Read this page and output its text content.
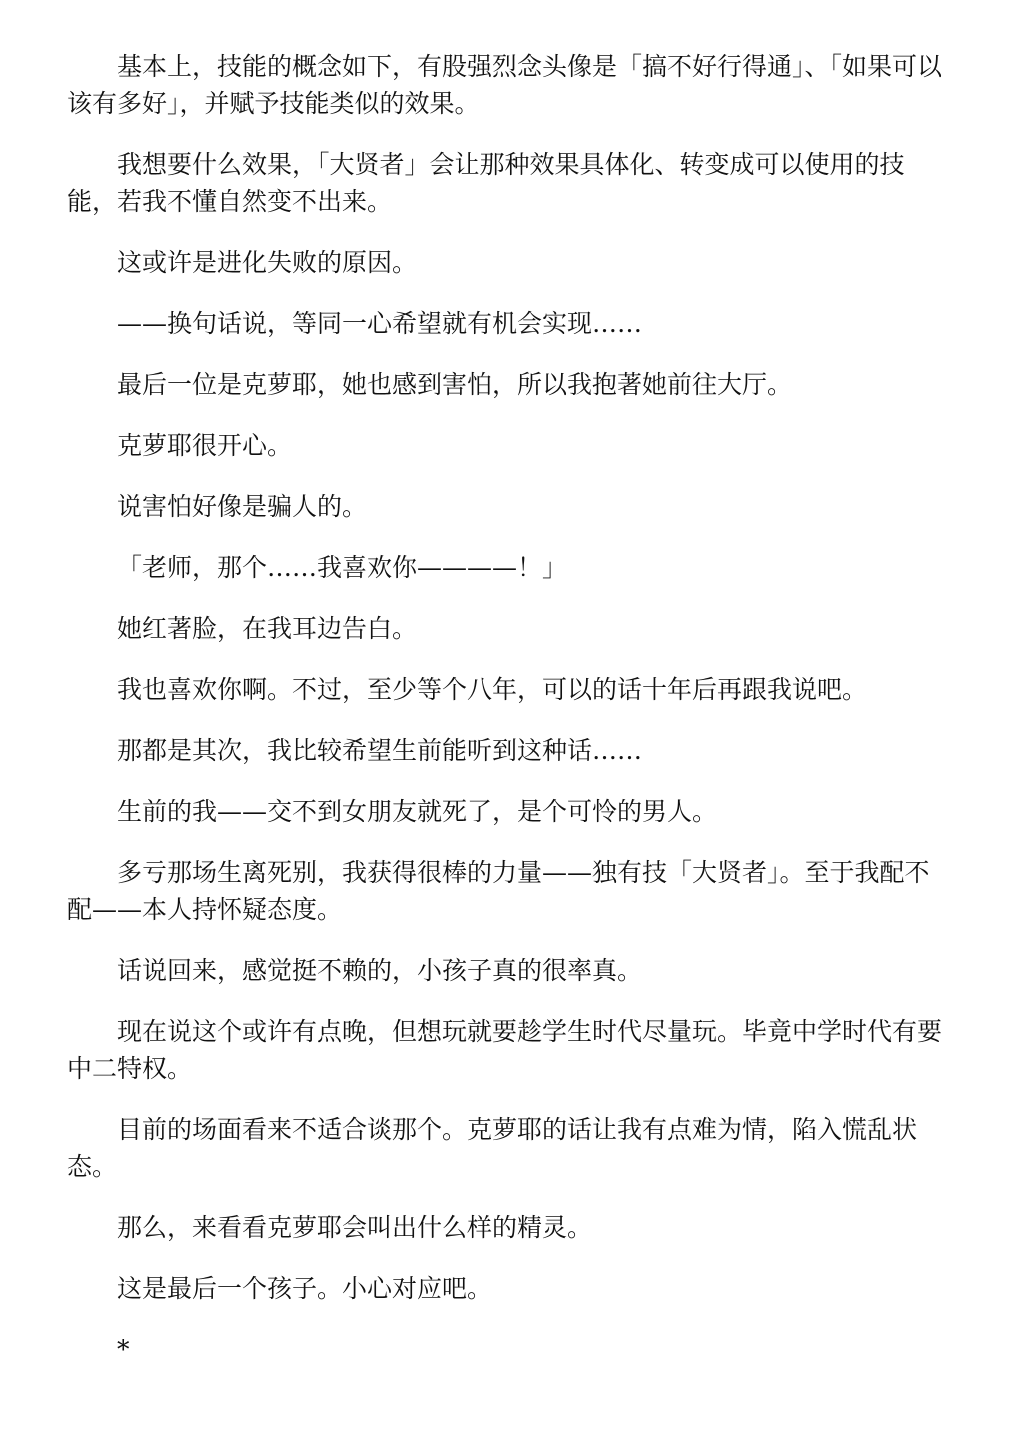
基本上，技能的概念如下，有股强烈念头像是「搞不好行得通」、「如果可以该有多好」，并赋予技能类似的效果。

我想要什么效果，「大贤者」会让那种效果具体化、转变成可以使用的技能，若我不懂自然变不出来。

这或许是进化失败的原因。

——换句话说，等同一心希望就有机会实现……

最后一位是克萝耶，她也感到害怕，所以我抱著她前往大厅。

克萝耶很开心。

说害怕好像是骗人的。

「老师，那个……我喜欢你————！」

她红著脸，在我耳边告白。

我也喜欢你啊。不过，至少等个八年，可以的话十年后再跟我说吧。

那都是其次，我比较希望生前能听到这种话……

生前的我——交不到女朋友就死了，是个可怜的男人。

多亏那场生离死别，我获得很棒的力量——独有技「大贤者」。至于我配不配——本人持怀疑态度。

话说回来，感觉挺不赖的，小孩子真的很率真。

现在说这个或许有点晚，但想玩就要趁学生时代尽量玩。毕竟中学时代有要中二特权。

目前的场面看来不适合谈那个。克萝耶的话让我有点难为情，陷入慌乱状态。

那么，来看看克萝耶会叫出什么样的精灵。

这是最后一个孩子。小心对应吧。

*
